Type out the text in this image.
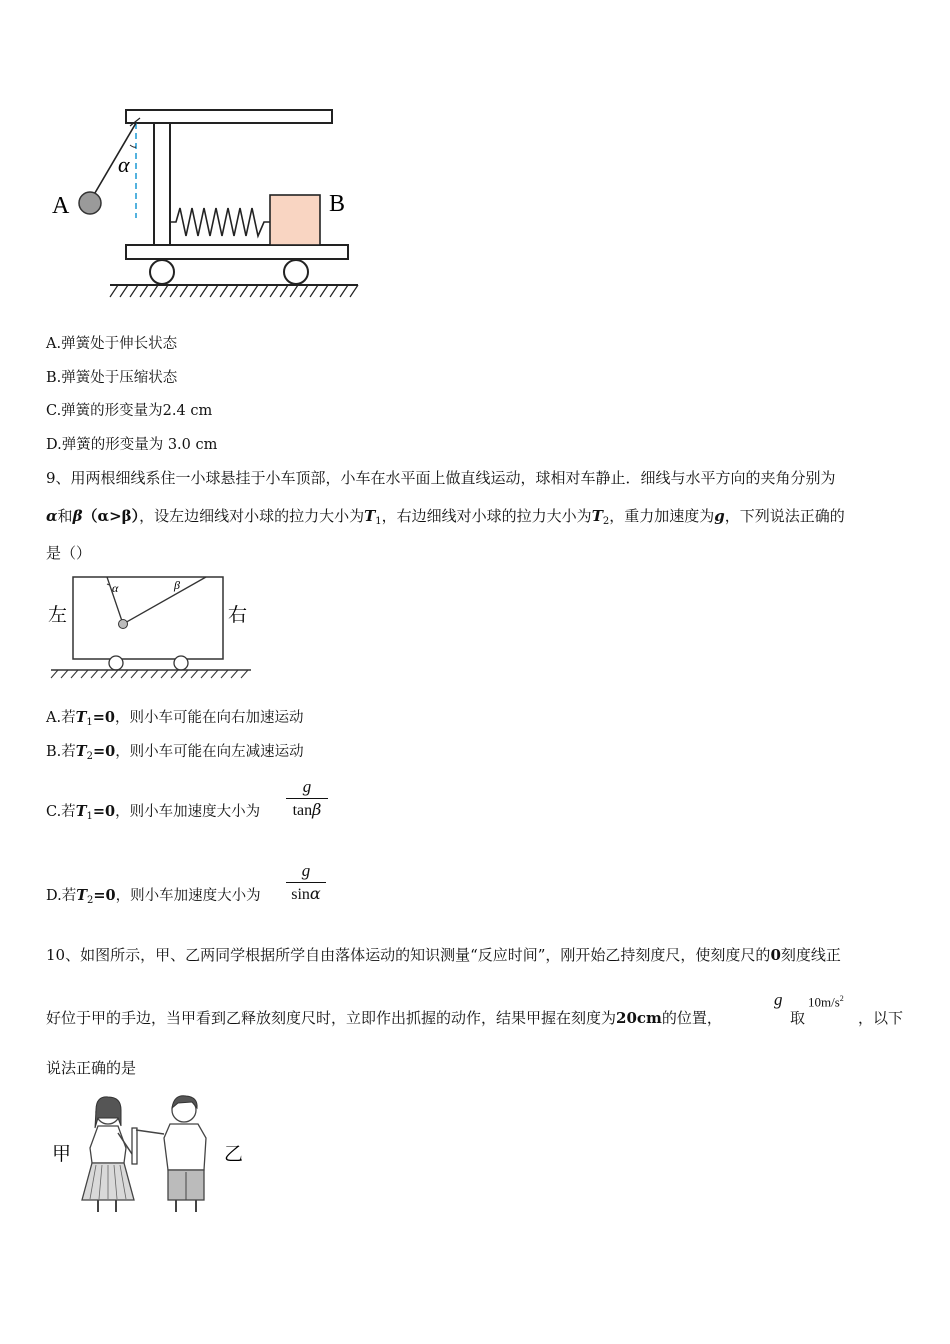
A	B
α
A.弹簧处于伸长状态
B.弹簧处于压缩状态
C.弹簧的形变量为2.4 cm
D.弹簧的形变量为 3.0 cm
9、用两根细线系住一小球悬挂于小车顶部，小车在水平面上做直线运动，球相对车静止．细线与水平方向的夹角分别为
α和β（α>β），设左边细线对小球的拉力大小为$T_1$，右边细线对小球的拉力大小为$T_2$，重力加速度为g，下列说法正确的
是（）
α	β
左	右
A.若$T_1=0$，则小车可能在向右加速运动
B.若$T_2=0$，则小车可能在向左减速运动
C.若$T_1=0$，则小车加速度大小为
g
tanβ
D.若$T_2=0$，则小车加速度大小为
g
sinα
10、如图所示，甲、乙两同学根据所学自由落体运动的知识测量“反应时间”，刚开始乙持刻度尺，使刻度尺的0刻度线正
好位于甲的手边，当甲看到乙释放刻度尺时，立即作出抓握的动作，结果甲握在刻度为20cm的位置，
g
取
$10m/s^2$
，以下
说法正确的是
甲	乙
